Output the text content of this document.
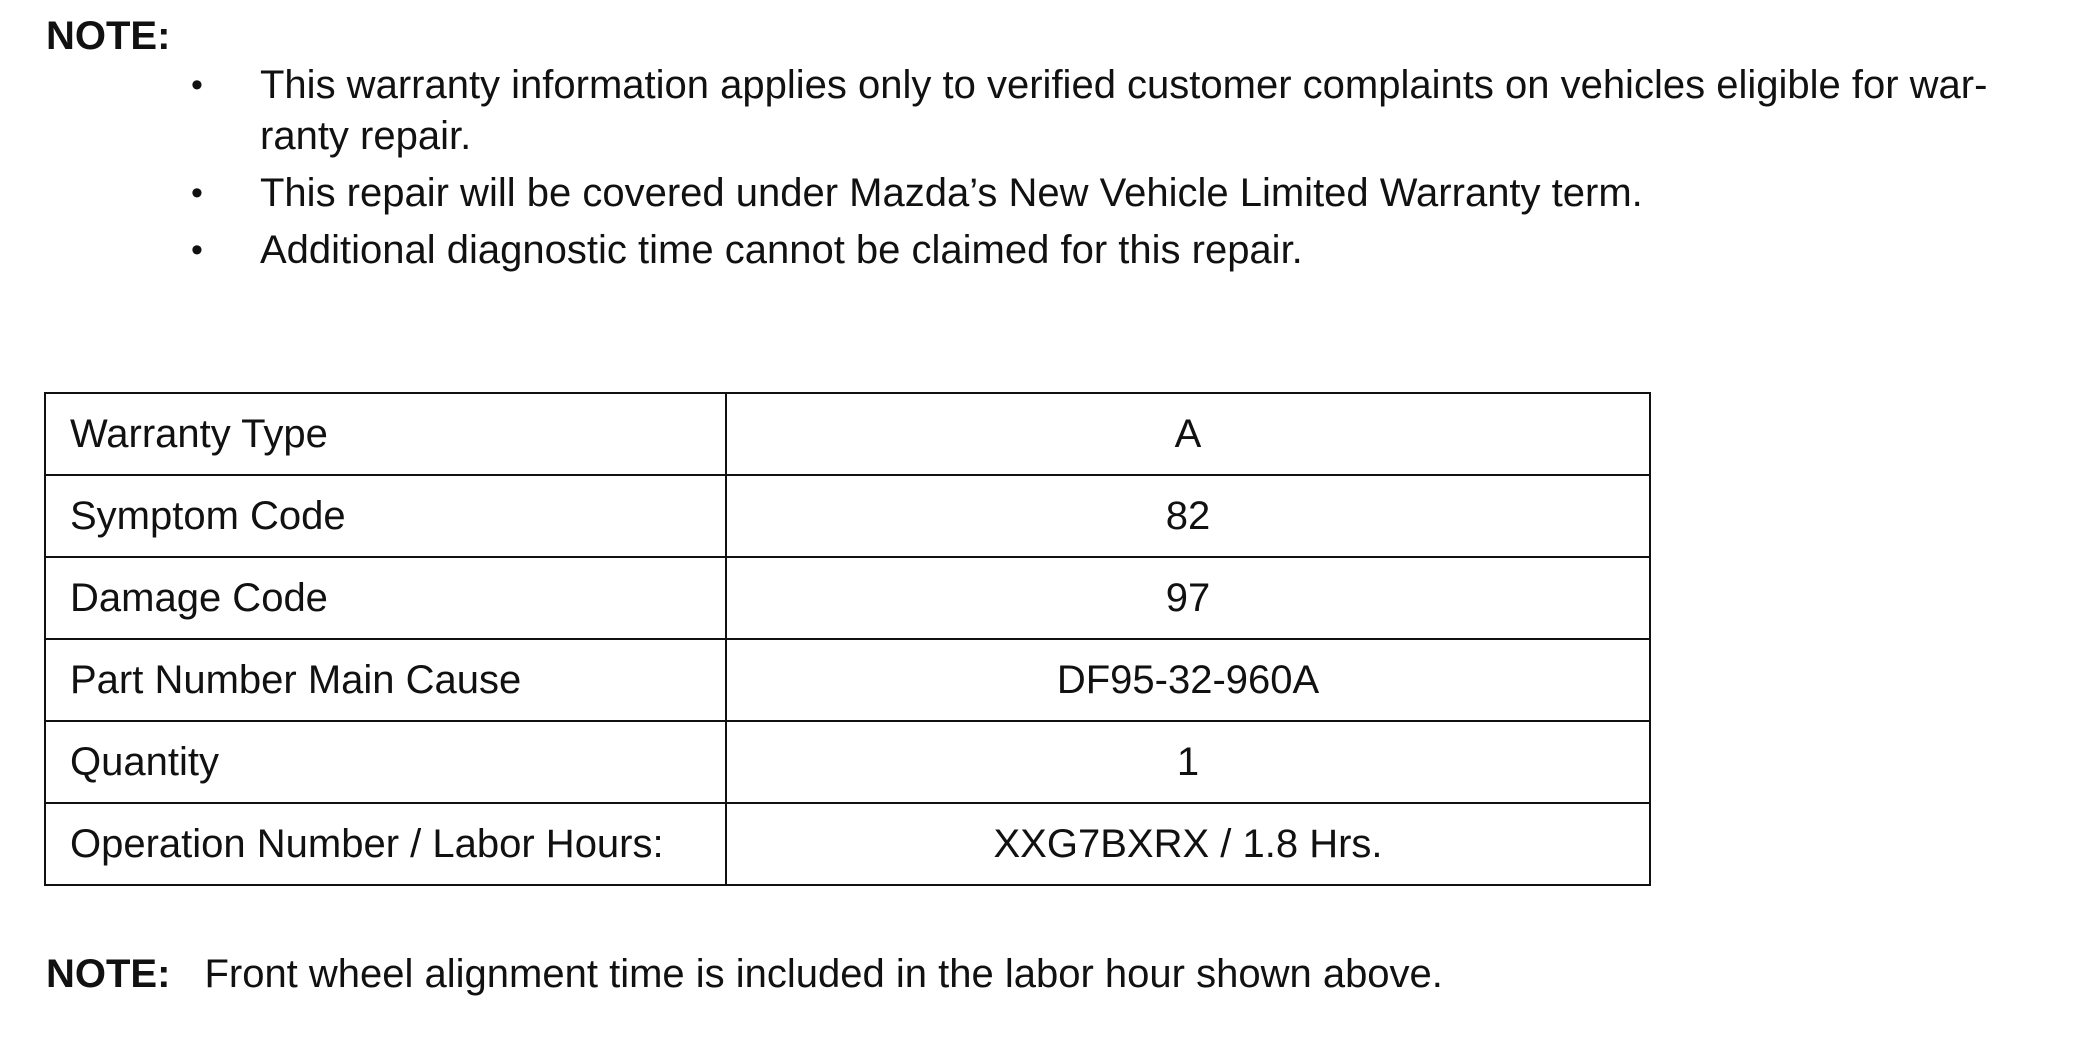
NOTE:

• This warranty information applies only to verified customer complaints on vehicles eligible for war- ranty repair.
• This repair will be covered under Mazda’s New Vehicle Limited Warranty term.
• Additional diagnostic time cannot be claimed for this repair.
Warranty Type	A
Symptom Code	82
Damage Code	97
Part Number Main Cause	DF95-32-960A
Quantity	1
Operation Number / Labor Hours:	XXG7BXRX / 1.8 Hrs.

NOTE: Front wheel alignment time is included in the labor hour shown above.
